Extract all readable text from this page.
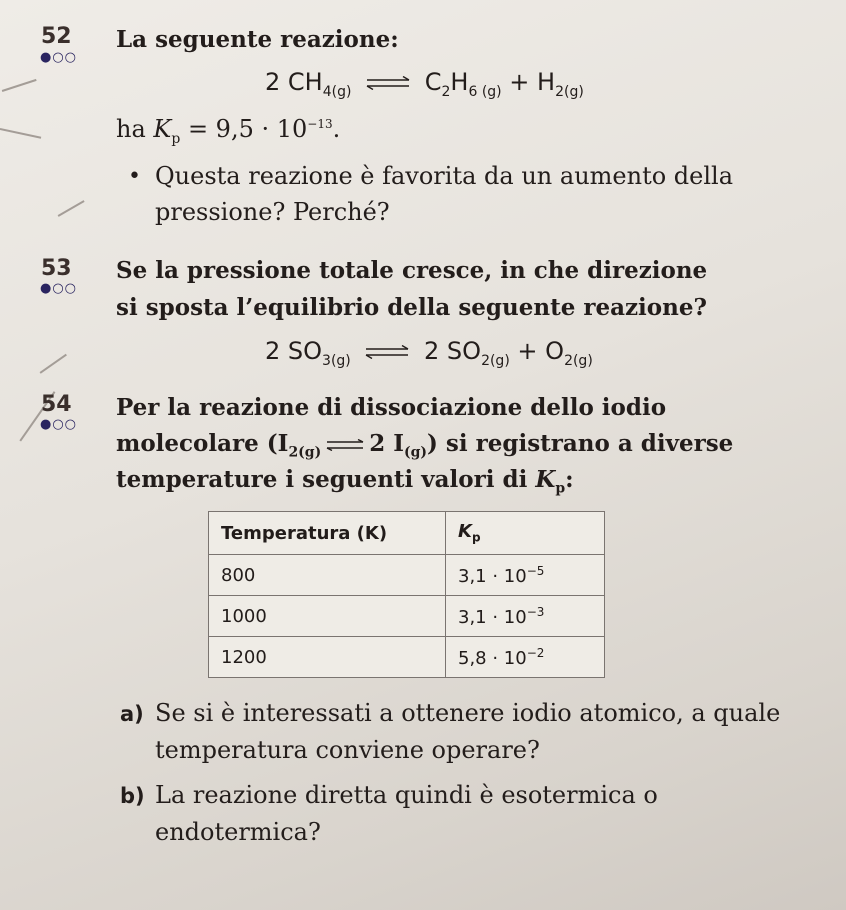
52
●○○
La seguente reazione:
2 $CH_{4(g)}$ ⇌ $C_2H_{6 (g)} + H_{2(g)}$
ha $K_p = 9,5 \cdot 10^{-13}$.
• Questa reazione è favorita da un aumento della
pressione? Perché?
53
●○○
Se la pressione totale cresce, in che direzione
si sposta l’equilibrio della seguente reazione?
2 $SO_{3(g)}$ ⇌ 2 $SO_{2(g)} + O_{2(g)}$
54
●○○
Per la reazione di dissociazione dello iodio
molecolare ($I_{2(g)}$ ⇌ 2 $I_{(g)}$) si registrano a diverse
temperature i seguenti valori di $K_p$:
Temperatura (K)	$K_p$
800	$3,1 \cdot 10^{-5}$
1000	$3,1 \cdot 10^{-3}$
1200	$5,8 \cdot 10^{-2}$
a) Se si è interessati a ottenere iodio atomico, a quale
temperatura conviene operare?
b) La reazione diretta quindi è esotermica o
endotermica?
